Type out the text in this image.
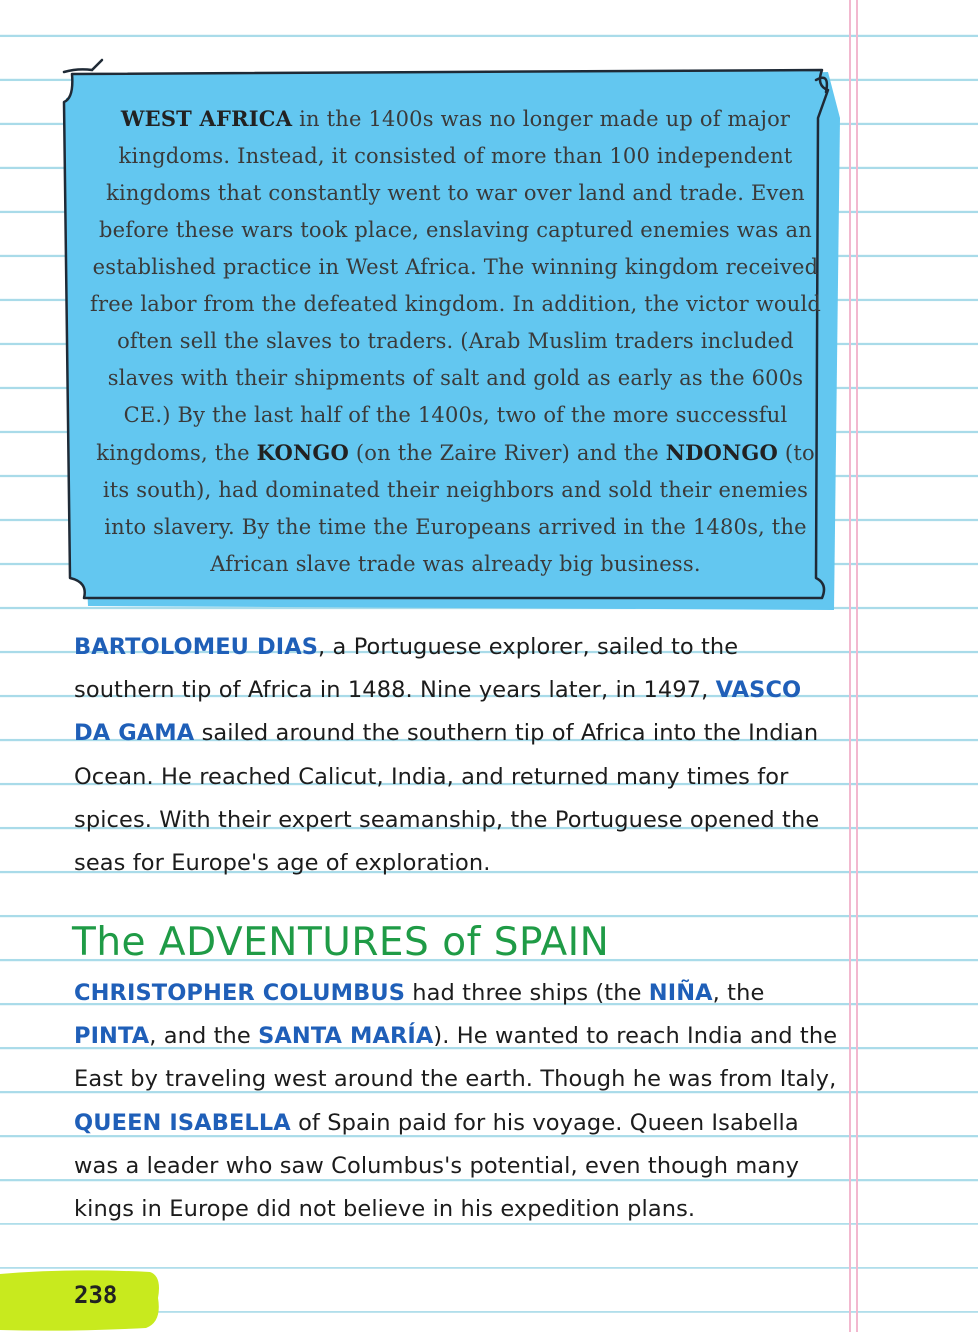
WEST AFRICA in the 1400s was no longer made up of major kingdoms. Instead, it consisted of more than 100 independent kingdoms that constantly went to war over land and trade. Even before these wars took place, enslaving captured enemies was an established practice in West Africa. The winning kingdom received free labor from the defeated kingdom. In addition, the victor would often sell the slaves to traders. (Arab Muslim traders included slaves with their shipments of salt and gold as early as the 600s CE.) By the last half of the 1400s, two of the more successful kingdoms, the KONGO (on the Zaire River) and the NDONGO (to its south), had dominated their neighbors and sold their enemies into slavery. By the time the Europeans arrived in the 1480s, the African slave trade was already big business.

BARTOLOMEU DIAS, a Portuguese explorer, sailed to the southern tip of Africa in 1488. Nine years later, in 1497, VASCO DA GAMA sailed around the southern tip of Africa into the Indian Ocean. He reached Calicut, India, and returned many times for spices. With their expert seamanship, the Portuguese opened the seas for Europe's age of exploration.

The ADVENTURES of SPAIN

CHRISTOPHER COLUMBUS had three ships (the NIÑA, the PINTA, and the SANTA MARÍA). He wanted to reach India and the East by traveling west around the earth. Though he was from Italy, QUEEN ISABELLA of Spain paid for his voyage. Queen Isabella was a leader who saw Columbus's potential, even though many kings in Europe did not believe in his expedition plans.

238
